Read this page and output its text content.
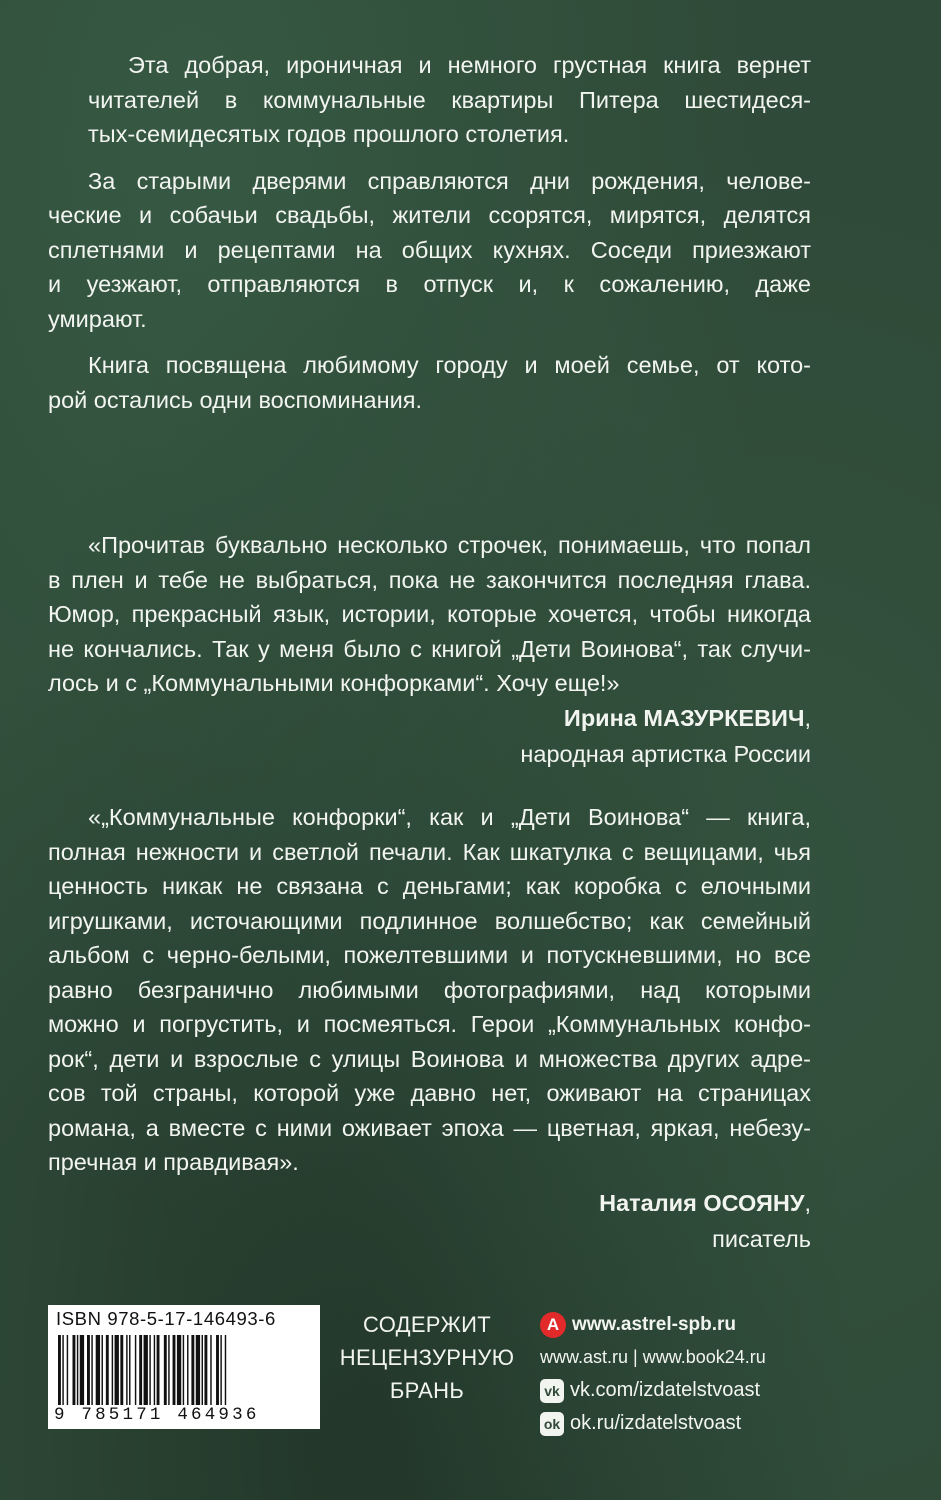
Эта добрая, ироничная и немного грустная книга вернет
читателей в коммунальные квартиры Питера шестидеся-
тых-семидесятых годов прошлого столетия.

За старыми дверями справляются дни рождения, челове-
ческие и собачьи свадьбы, жители ссорятся, мирятся, делятся
сплетнями и рецептами на общих кухнях. Соседи приезжают
и уезжают, отправляются в отпуск и, к сожалению, даже
умирают.

Книга посвящена любимому городу и моей семье, от кото-
рой остались одни воспоминания.

«Прочитав буквально несколько строчек, понимаешь, что попал
в плен и тебе не выбраться, пока не закончится последняя глава.
Юмор, прекрасный язык, истории, которые хочется, чтобы никогда
не кончались. Так у меня было с книгой „Дети Воинова“, так случи-
лось и с „Коммунальными конфорками“. Хочу еще!»

Ирина МАЗУРКЕВИЧ,
народная артистка России

«„Коммунальные конфорки“, как и „Дети Воинова“ — книга,
полная нежности и светлой печали. Как шкатулка с вещицами, чья
ценность никак не связана с деньгами; как коробка с елочными
игрушками, источающими подлинное волшебство; как семейный
альбом с черно-белыми, пожелтевшими и потускневшими, но все
равно безгранично любимыми фотографиями, над которыми
можно и погрустить, и посмеяться. Герои „Коммунальных конфо-
рок“, дети и взрослые с улицы Воинова и множества других адре-
сов той страны, которой уже давно нет, оживают на страницах
романа, а вместе с ними оживает эпоха — цветная, яркая, небезу-
пречная и правдивая».

Наталия ОСОЯНУ,
писатель
ISBN 978-5-17-146493-6
9 785171 464936
СОДЕРЖИТ
НЕЦЕНЗУРНУЮ
БРАНЬ
А www.astrel-spb.ru
www.ast.ru | www.book24.ru
vk vk.com/izdatelstvoast
ok ok.ru/izdatelstvoast
